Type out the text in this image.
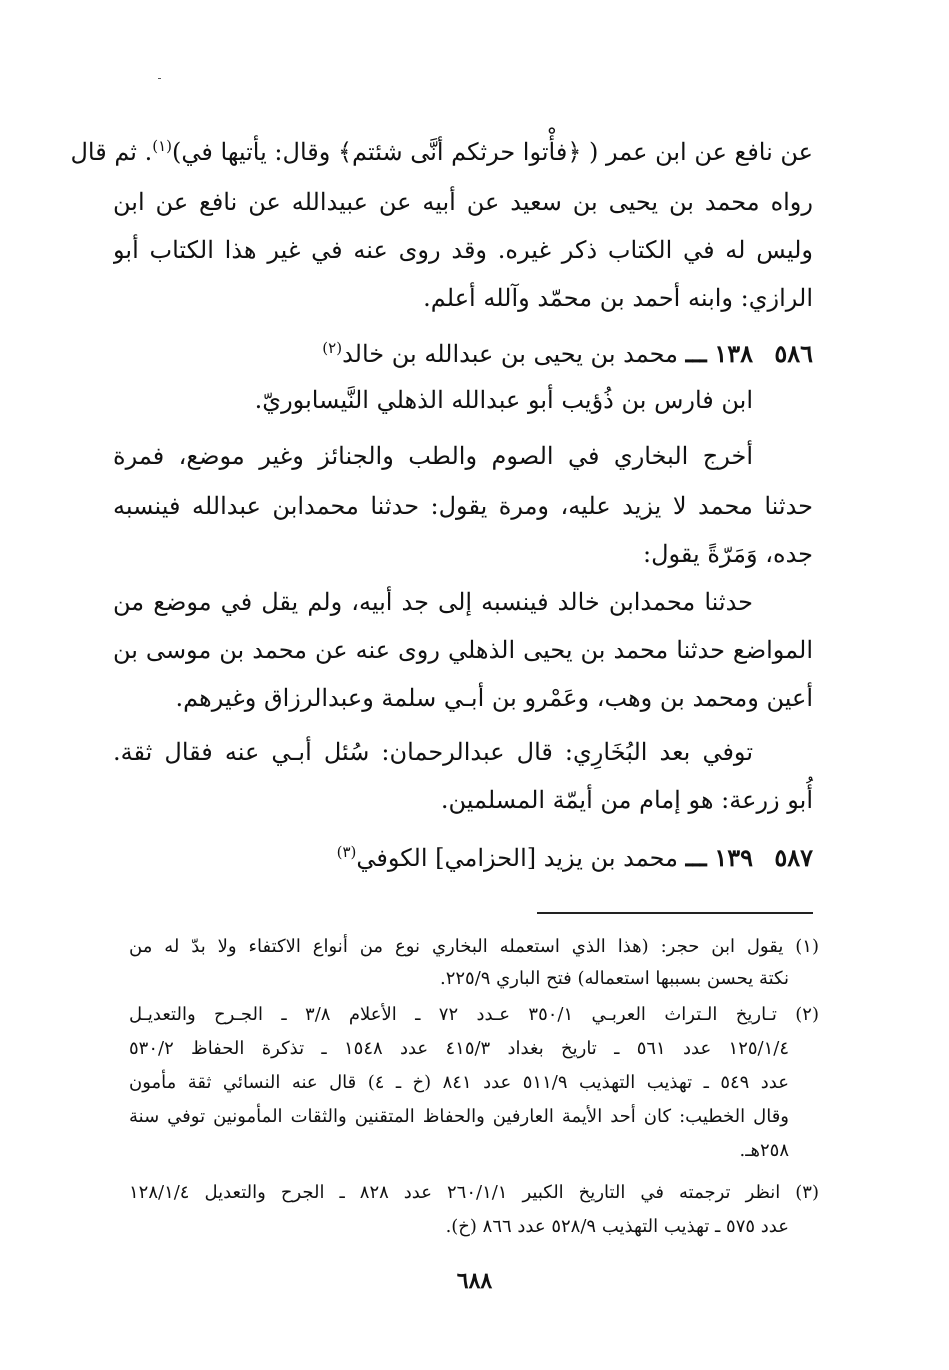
عن نافع عن ابن عمر ( ﴿فأْتوا حرثكم أنَّى شئتم﴾ وقال: يأتيها في)$^{(١)}$. ثم قال
رواه محمد بن يحيى بن سعيد عن أبيه عن عبيدالله عن نافع عن ابن
وليس له في الكتاب ذكر غيره. وقد روى عنه في غير هذا الكتاب أبو
الرازي: وابنه أحمد بن محمّد وآلله أعلم.
٥٨٦
١٣٨ ـــ محمد بن يحيى بن عبدالله بن خالد$^{(٢)}$
ابن فارس بن ذُؤيب أبو عبدالله الذهلي النَّيسابوريّ.
أخرج البخاري في الصوم والطب والجنائز وغير موضع، فمرة
حدثنا محمد لا يزيد عليه، ومرة يقول: حدثنا محمدابن عبدالله فينسبه
جده، وَمَرّةً يقول:
حدثنا محمدابن خالد فينسبه إلى جد أبيه، ولم يقل في موضع من
المواضع حدثنا محمد بن يحيى الذهلي روى عنه عن محمد بن موسى بن
أعين ومحمد بن وهب، وعَمْرو بن أبـي سلمة وعبدالرزاق وغيرهم.
توفي بعد البُخَارِي: قال عبدالرحمان: سُئل أبـي عنه فقال ثقة.
أُبو زرعة: هو إمام من أيمّة المسلمين.
٥٨٧
١٣٩ ـــ محمد بن يزيد [الحزامي] الكوفي$^{(٣)}$
(١) يقول ابن حجر: (هذا الذي استعمله البخاري نوع من أنواع الاكتفاء ولا بدّ له من
نكتة يحسن بسببها استعماله) فتح الباري ٢٢٥/٩.
(٢) تـاريخ الـتراث العربـي ٣٥٠/١ عـدد ٧٢ ـ الأعلام ٣/٨ ـ الجـرح والتعديـل
١٢٥/١/٤ عدد ٥٦١ ـ تاريخ بغداد ٤١٥/٣ عدد ١٥٤٨ ـ تذكرة الحفاظ ٥٣٠/٢
عدد ٥٤٩ ـ تهذيب التهذيب ٥١١/٩ عدد ٨٤١ (خ ـ ٤) قال عنه النسائي ثقة مأمون
وقال الخطيب: كان أحد الأيمة العارفين والحفاظ المتقنين والثقات المأمونين توفي سنة
٢٥٨هـ.
(٣) انظر ترجمته في التاريخ الكبير ٢٦٠/١/١ عدد ٨٢٨ ـ الجرح والتعديل ١٢٨/١/٤
عدد ٥٧٥ ـ تهذيب التهذيب ٥٢٨/٩ عدد ٨٦٦ (خ).
٦٨٨
